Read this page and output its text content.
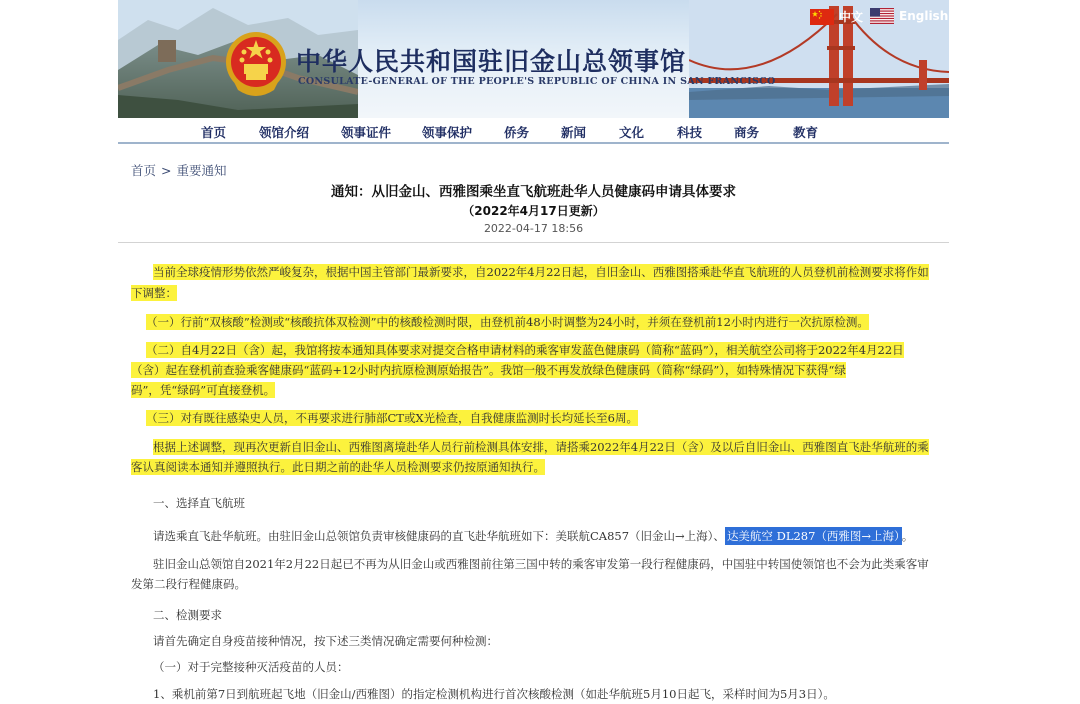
中华人民共和国驻旧金山总领事馆
CONSULATE-GENERAL OF THE PEOPLE'S REPUBLIC OF CHINA IN SAN FRANCISCO
中文	English
首页	领馆介绍	领事证件 领事保护	侨务	新闻	文化	科技	商务	教育
首页 > 重要通知
通知：从旧金山、西雅图乘坐直飞航班赴华人员健康码申请具体要求
（2022年4月17日更新）
2022-04-17 18:56
当前全球疫情形势依然严峻复杂，根据中国主管部门最新要求，自2022年4月22日起，自旧金山、西雅图搭乘赴华直飞航班的人员登机前检测要求将作如
下调整：
（一）行前“双核酸”检测或“核酸抗体双检测”中的核酸检测时限，由登机前48小时调整为24小时，并须在登机前12小时内进行一次抗原检测。
（二）自4月22日（含）起，我馆将按本通知具体要求对提交合格申请材料的乘客审发蓝色健康码（简称“蓝码”），相关航空公司将于2022年4月22日
（含）起在登机前查验乘客健康码“蓝码+12小时内抗原检测原始报告”。我馆一般不再发放绿色健康码（简称“绿码”），如特殊情况下获得“绿
码”，凭“绿码”可直接登机。
（三）对有既往感染史人员，不再要求进行肺部CT或X光检查，自我健康监测时长均延长至6周。
根据上述调整，现再次更新自旧金山、西雅图离境赴华人员行前检测具体安排，请搭乘2022年4月22日（含）及以后自旧金山、西雅图直飞赴华航班的乘
客认真阅读本通知并遵照执行。此日期之前的赴华人员检测要求仍按原通知执行。
一、选择直飞航班
请选乘直飞赴华航班。由驻旧金山总领馆负责审核健康码的直飞赴华航班如下：美联航CA857（旧金山→上海）、 达美航空 DL287（西雅图→上海） 。
驻旧金山总领馆自2021年2月22日起已不再为从旧金山或西雅图前往第三国中转的乘客审发第一段行程健康码，中国驻中转国使领馆也不会为此类乘客审
发第二段行程健康码。
二、检测要求
请首先确定自身疫苗接种情况，按下述三类情况确定需要何种检测：
（一）对于完整接种灭活疫苗的人员：
1、乘机前第7日到航班起飞地（旧金山/西雅图）的指定检测机构进行首次核酸检测（如赴华航班5月10日起飞，采样时间为5月3日）。
